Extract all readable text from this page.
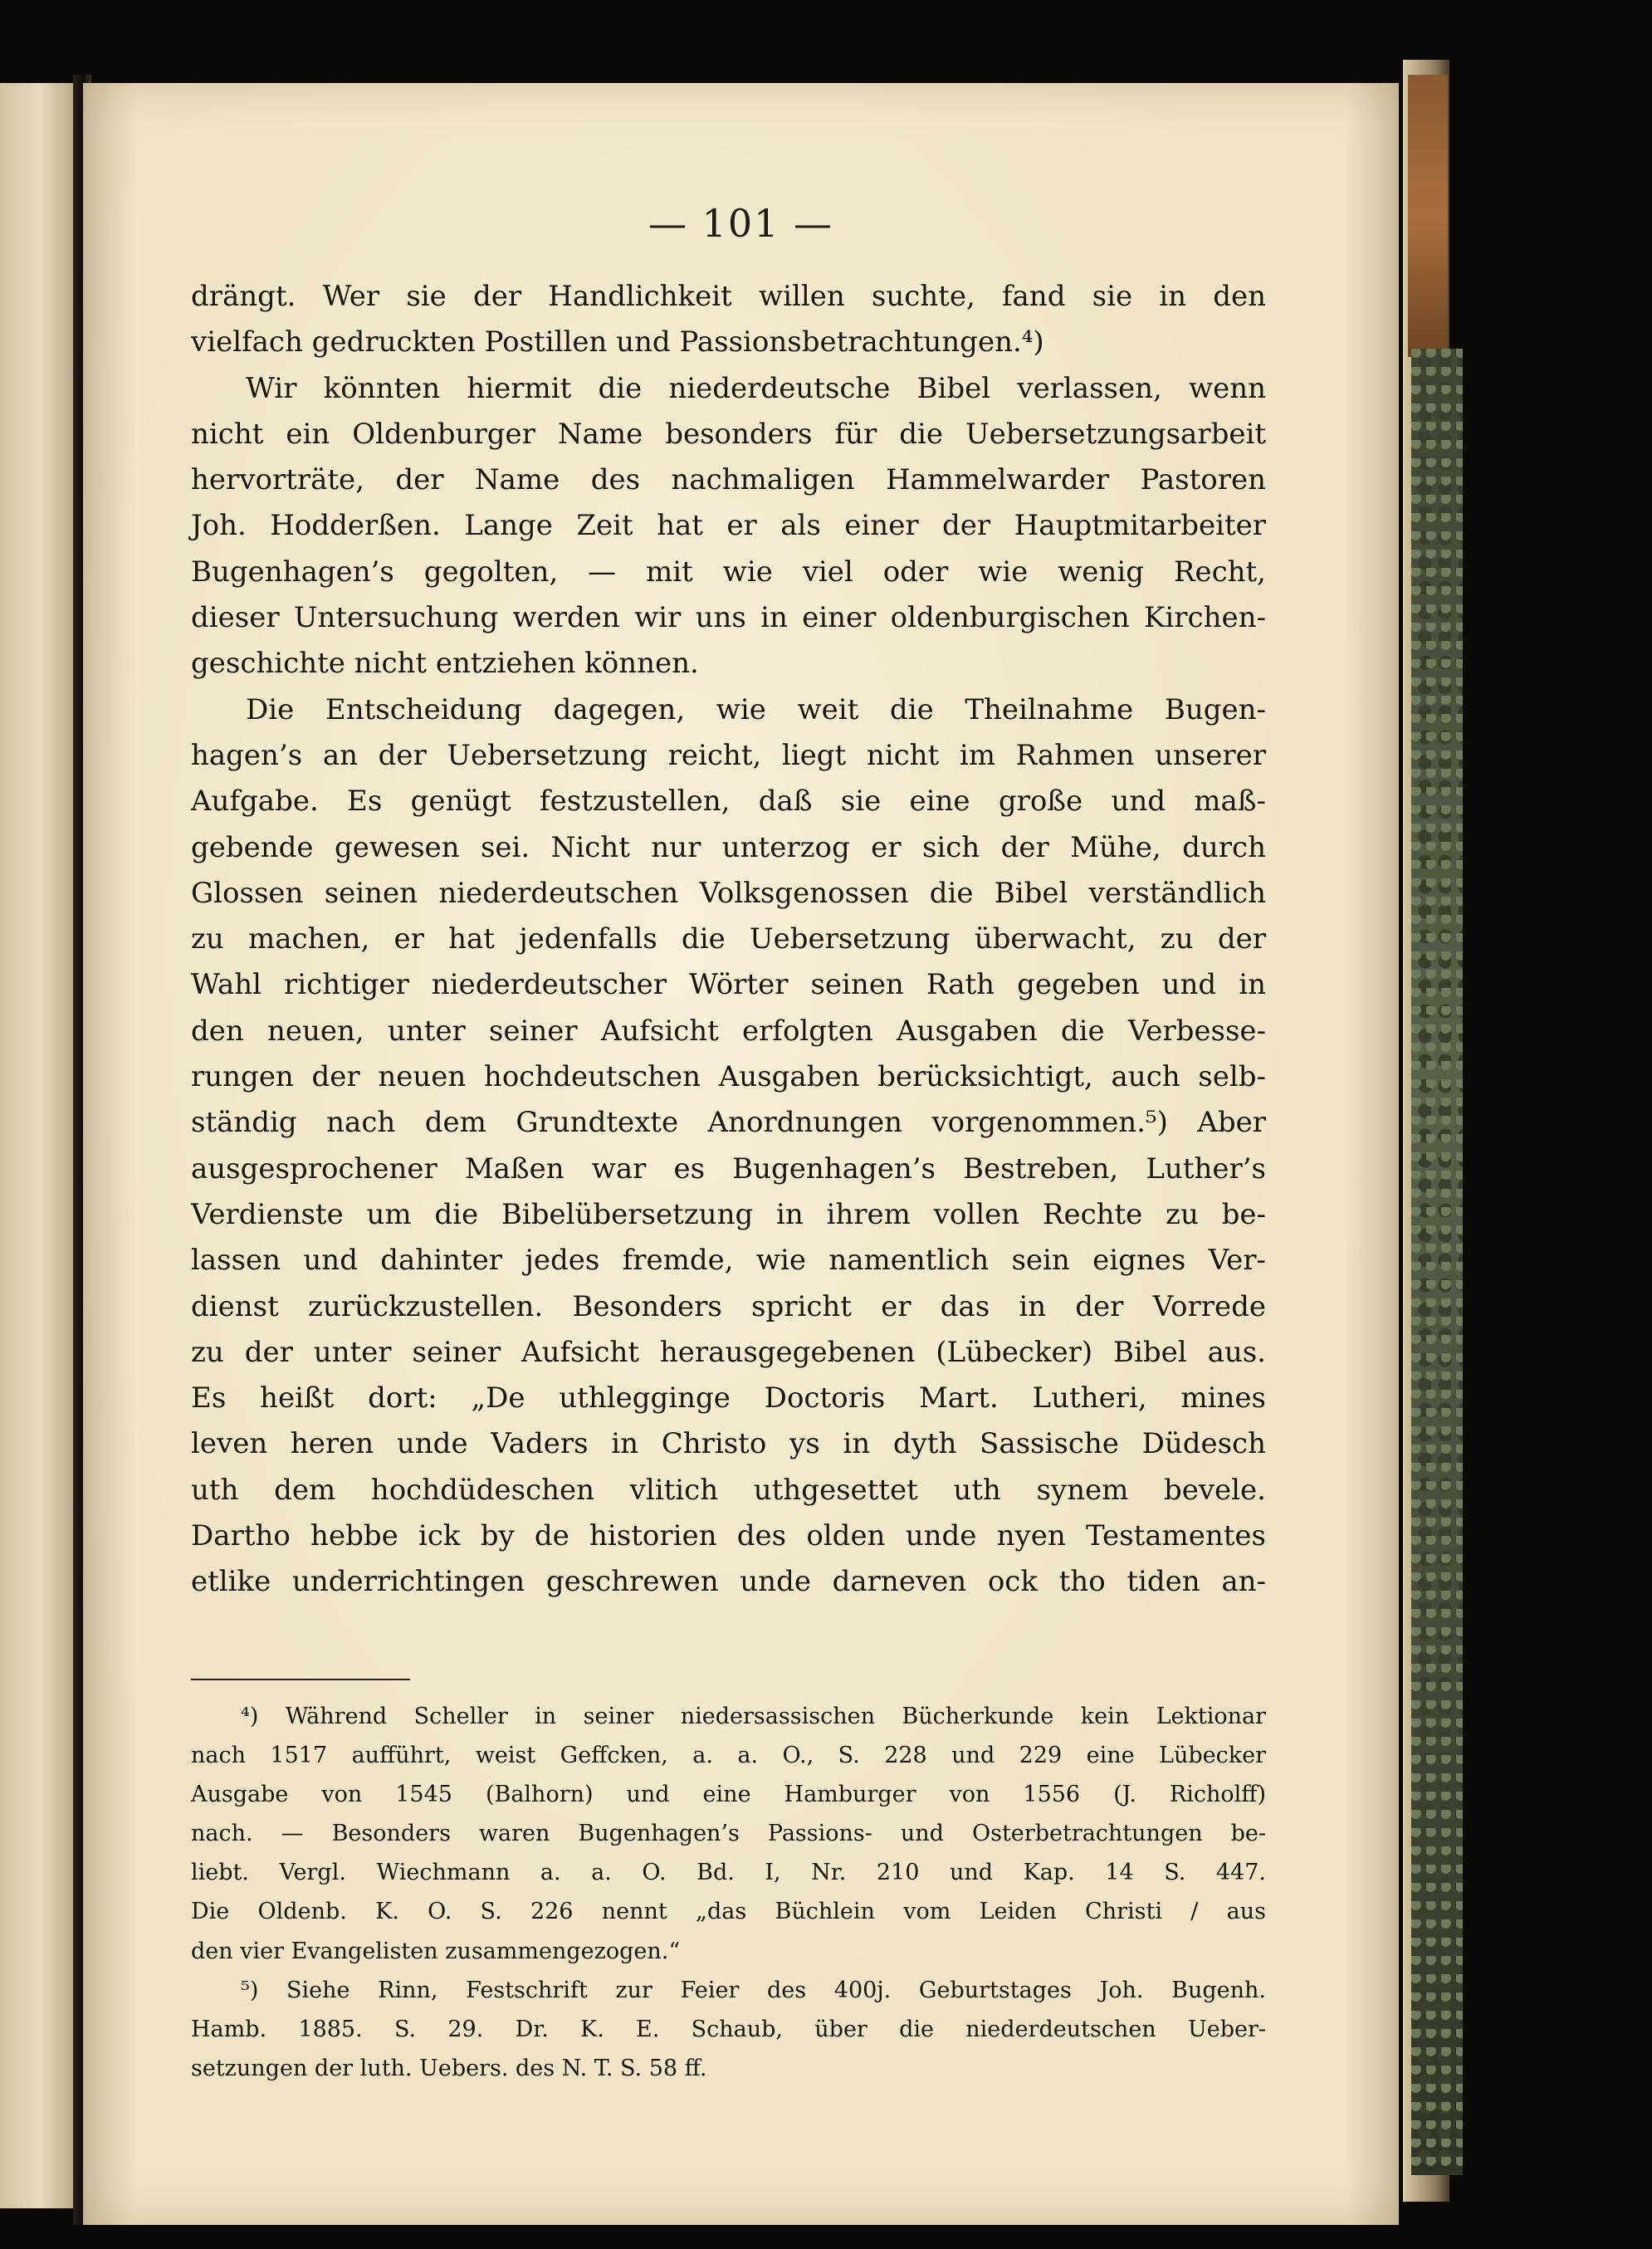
— 101 —
drängt. Wer sie der Handlichkeit willen suchte, fand sie in den
vielfach gedruckten Postillen und Passionsbetrachtungen.⁴)
Wir könnten hiermit die niederdeutsche Bibel verlassen, wenn
nicht ein Oldenburger Name besonders für die Uebersetzungsarbeit
hervorträte, der Name des nachmaligen Hammelwarder Pastoren
Joh. Hodderßen. Lange Zeit hat er als einer der Hauptmitarbeiter
Bugenhagen’s gegolten, — mit wie viel oder wie wenig Recht,
dieser Untersuchung werden wir uns in einer oldenburgischen Kirchen-
geschichte nicht entziehen können.
Die Entscheidung dagegen, wie weit die Theilnahme Bugen-
hagen’s an der Uebersetzung reicht, liegt nicht im Rahmen unserer
Aufgabe. Es genügt festzustellen, daß sie eine große und maß-
gebende gewesen sei. Nicht nur unterzog er sich der Mühe, durch
Glossen seinen niederdeutschen Volksgenossen die Bibel verständlich
zu machen, er hat jedenfalls die Uebersetzung überwacht, zu der
Wahl richtiger niederdeutscher Wörter seinen Rath gegeben und in
den neuen, unter seiner Aufsicht erfolgten Ausgaben die Verbesse-
rungen der neuen hochdeutschen Ausgaben berücksichtigt, auch selb-
ständig nach dem Grundtexte Anordnungen vorgenommen.⁵) Aber
ausgesprochener Maßen war es Bugenhagen’s Bestreben, Luther’s
Verdienste um die Bibelübersetzung in ihrem vollen Rechte zu be-
lassen und dahinter jedes fremde, wie namentlich sein eignes Ver-
dienst zurückzustellen. Besonders spricht er das in der Vorrede
zu der unter seiner Aufsicht herausgegebenen (Lübecker) Bibel aus.
Es heißt dort: „De uthlegginge Doctoris Mart. Lutheri, mines
leven heren unde Vaders in Christo ys in dyth Sassische Düdesch
uth dem hochdüdeschen vlitich uthgesettet uth synem bevele.
Dartho hebbe ick by de historien des olden unde nyen Testamentes
etlike underrichtingen geschrewen unde darneven ock tho tiden an-
⁴) Während Scheller in seiner niedersassischen Bücherkunde kein Lektionar
nach 1517 aufführt, weist Geffcken, a. a. O., S. 228 und 229 eine Lübecker
Ausgabe von 1545 (Balhorn) und eine Hamburger von 1556 (J. Richolff)
nach. — Besonders waren Bugenhagen’s Passions- und Osterbetrachtungen be-
liebt. Vergl. Wiechmann a. a. O. Bd. I, Nr. 210 und Kap. 14 S. 447.
Die Oldenb. K. O. S. 226 nennt „das Büchlein vom Leiden Christi / aus
den vier Evangelisten zusammengezogen.“
⁵) Siehe Rinn, Festschrift zur Feier des 400j. Geburtstages Joh. Bugenh.
Hamb. 1885. S. 29. Dr. K. E. Schaub, über die niederdeutschen Ueber-
setzungen der luth. Uebers. des N. T. S. 58 ff.
